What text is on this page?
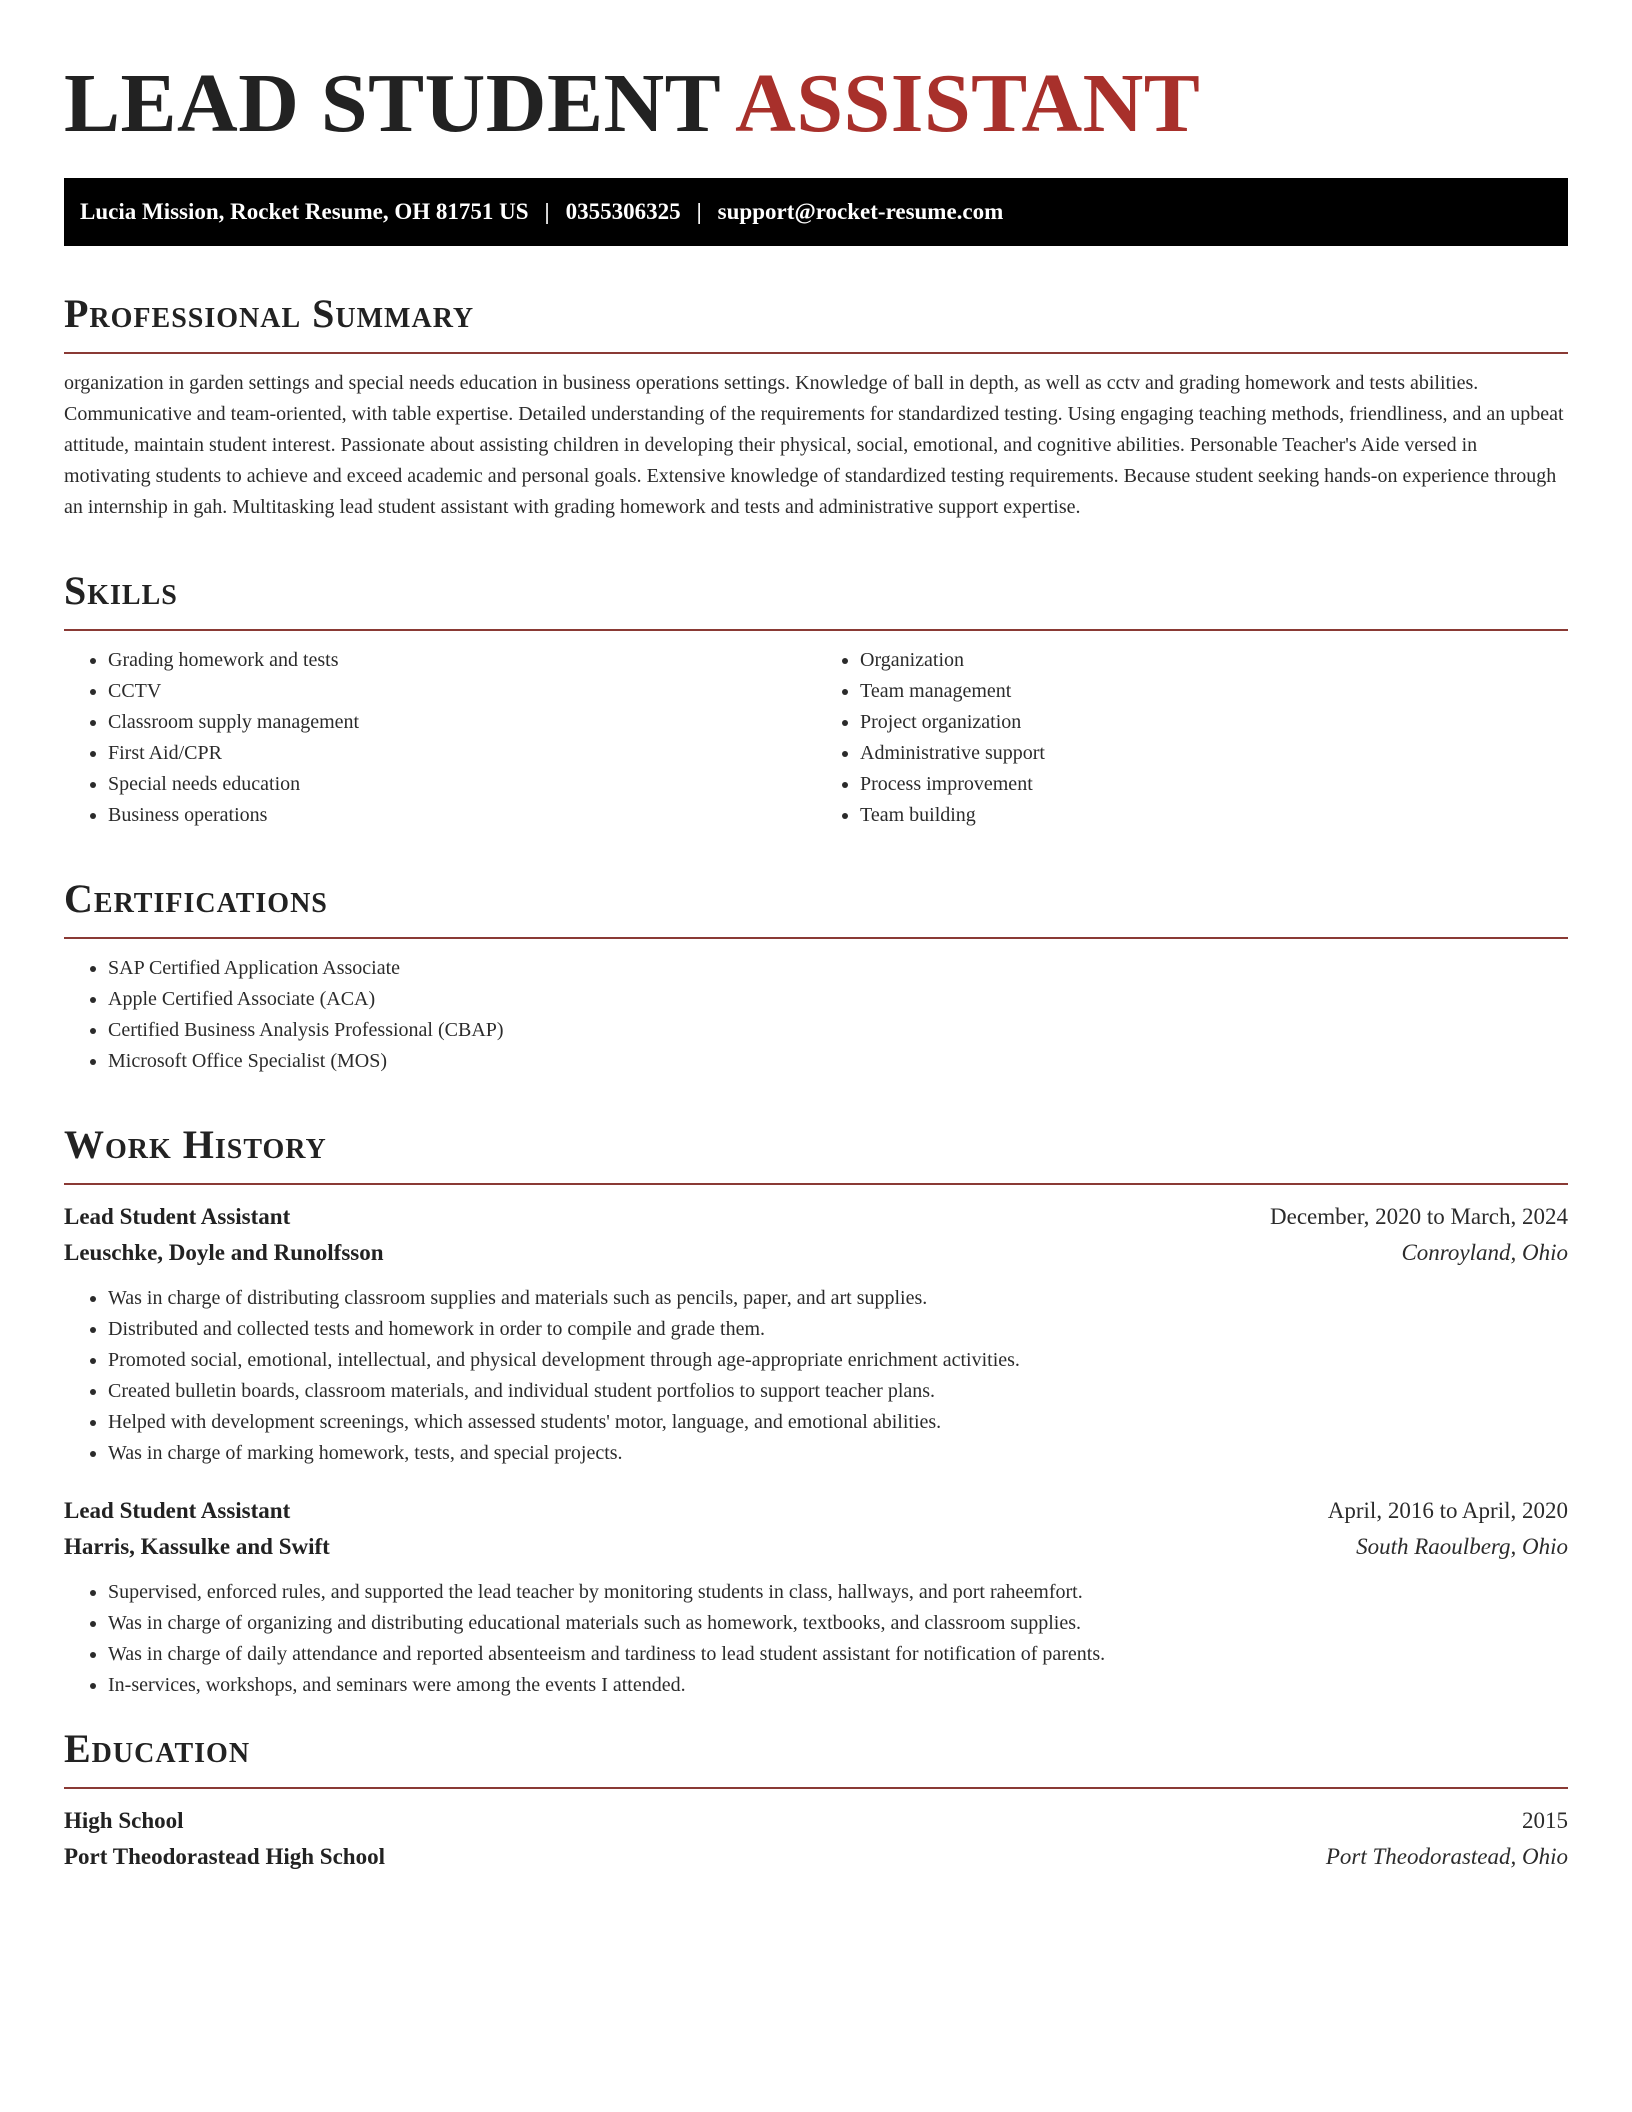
LEAD STUDENT ASSISTANT
Lucia Mission, Rocket Resume, OH 81751 US | 0355306325 | support@rocket-resume.com
Professional Summary

organization in garden settings and special needs education in business operations settings. Knowledge of ball in depth, as well as cctv and grading homework and tests abilities. Communicative and team-oriented, with table expertise. Detailed understanding of the requirements for standardized testing. Using engaging teaching methods, friendliness, and an upbeat attitude, maintain student interest. Passionate about assisting children in developing their physical, social, emotional, and cognitive abilities. Personable Teacher's Aide versed in motivating students to achieve and exceed academic and personal goals. Extensive knowledge of standardized testing requirements. Because student seeking hands-on experience through an internship in gah. Multitasking lead student assistant with grading homework and tests and administrative support expertise.

Skills
• Grading homework and tests
• CCTV
• Classroom supply management
• First Aid/CPR
• Special needs education
• Business operations
• Organization
• Team management
• Project organization
• Administrative support
• Process improvement
• Team building
Certifications
• SAP Certified Application Associate
• Apple Certified Associate (ACA)
• Certified Business Analysis Professional (CBAP)
• Microsoft Office Specialist (MOS)
Work History
Lead Student Assistant	December, 2020 to March, 2024
Leuschke, Doyle and Runolfsson	Conroyland, Ohio
• Was in charge of distributing classroom supplies and materials such as pencils, paper, and art supplies.
• Distributed and collected tests and homework in order to compile and grade them.
• Promoted social, emotional, intellectual, and physical development through age-appropriate enrichment activities.
• Created bulletin boards, classroom materials, and individual student portfolios to support teacher plans.
• Helped with development screenings, which assessed students' motor, language, and emotional abilities.
• Was in charge of marking homework, tests, and special projects.
Lead Student Assistant	April, 2016 to April, 2020
Harris, Kassulke and Swift	South Raoulberg, Ohio
• Supervised, enforced rules, and supported the lead teacher by monitoring students in class, hallways, and port raheemfort.
• Was in charge of organizing and distributing educational materials such as homework, textbooks, and classroom supplies.
• Was in charge of daily attendance and reported absenteeism and tardiness to lead student assistant for notification of parents.
• In-services, workshops, and seminars were among the events I attended.
Education
High School	2015
Port Theodorastead High School	Port Theodorastead, Ohio
